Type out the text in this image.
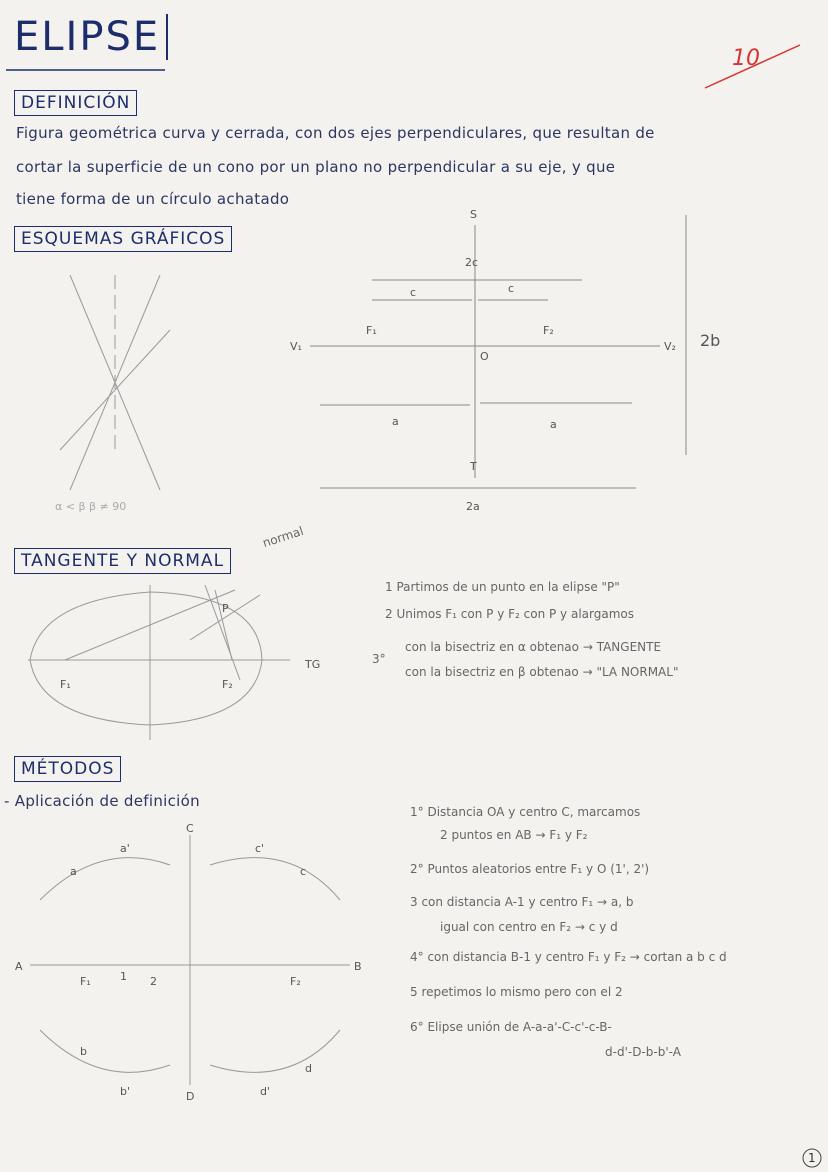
S
T
2c
c	c
F₁	F₂
V₁	V₂
O
a	a
2a
2b
α < β β ≠ 90
P
F₁	F₂
TG
A	B
C
D
F₁	1 2	F₂
a
a'	c'
c
b
b'	d'
d
ELIPSE	10
DEFINICIÓN
Figura geométrica curva y cerrada, con dos ejes perpendiculares, que resultan de
cortar la superficie de un cono por un plano no perpendicular a su eje, y que
tiene forma de un círculo achatado
ESQUEMAS GRÁFICOS
TANGENTE Y NORMAL
normal
1 Partimos de un punto en la elipse "P"
2 Unimos F₁ con P y F₂ con P y alargamos
3°
con la bisectriz en α obtenao → TANGENTE
con la bisectriz en β obtenao → "LA NORMAL"
MÉTODOS
- Aplicación de definición
1° Distancia OA y centro C, marcamos
2 puntos en AB → F₁ y F₂
2° Puntos aleatorios entre F₁ y O (1', 2')
3 con distancia A-1 y centro F₁ → a, b
igual con centro en F₂ → c y d
4° con distancia B-1 y centro F₁ y F₂ → cortan a b c d
5 repetimos lo mismo pero con el 2
6° Elipse unión de A-a-a'-C-c'-c-B-
d-d'-D-b-b'-A
1
